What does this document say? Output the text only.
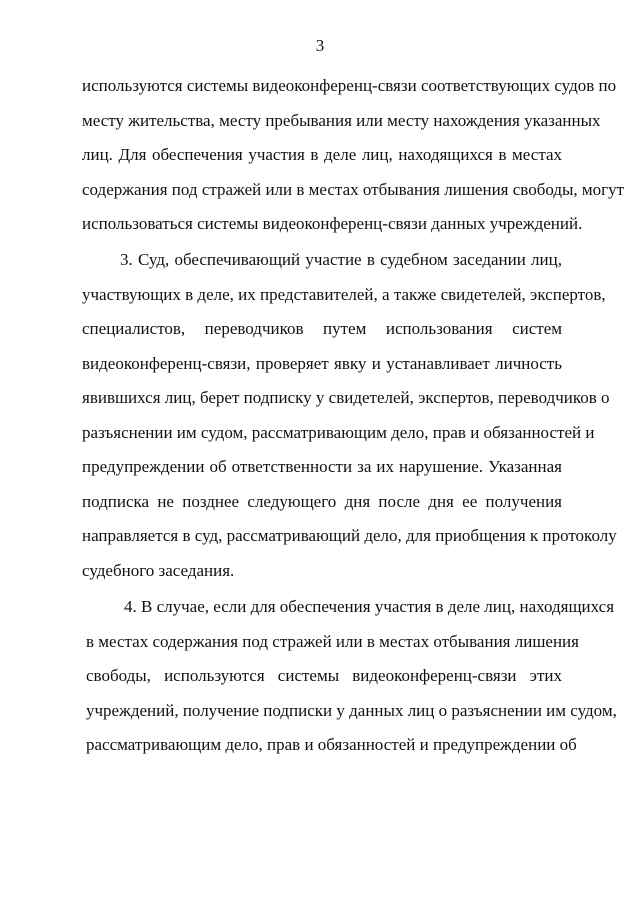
3
используются системы видеоконференц-связи соответствующих судов по
месту жительства, месту пребывания или месту нахождения указанных
лиц. Для обеспечения участия в деле лиц, находящихся в местах
содержания под стражей или в местах отбывания лишения свободы, могут
использоваться системы видеоконференц-связи данных учреждений.
3. Суд, обеспечивающий участие в судебном заседании лиц,
участвующих в деле, их представителей, а также свидетелей, экспертов,
специалистов, переводчиков путем использования систем
видеоконференц-связи, проверяет явку и устанавливает личность
явившихся лиц, берет подписку у свидетелей, экспертов, переводчиков о
разъяснении им судом, рассматривающим дело, прав и обязанностей и
предупреждении об ответственности за их нарушение. Указанная
подписка не позднее следующего дня после дня ее получения
направляется в суд, рассматривающий дело, для приобщения к протоколу
судебного заседания.
4. В случае, если для обеспечения участия в деле лиц, находящихся
в местах содержания под стражей или в местах отбывания лишения
свободы, используются системы видеоконференц-связи этих
учреждений, получение подписки у данных лиц о разъяснении им судом,
рассматривающим дело, прав и обязанностей и предупреждении об
